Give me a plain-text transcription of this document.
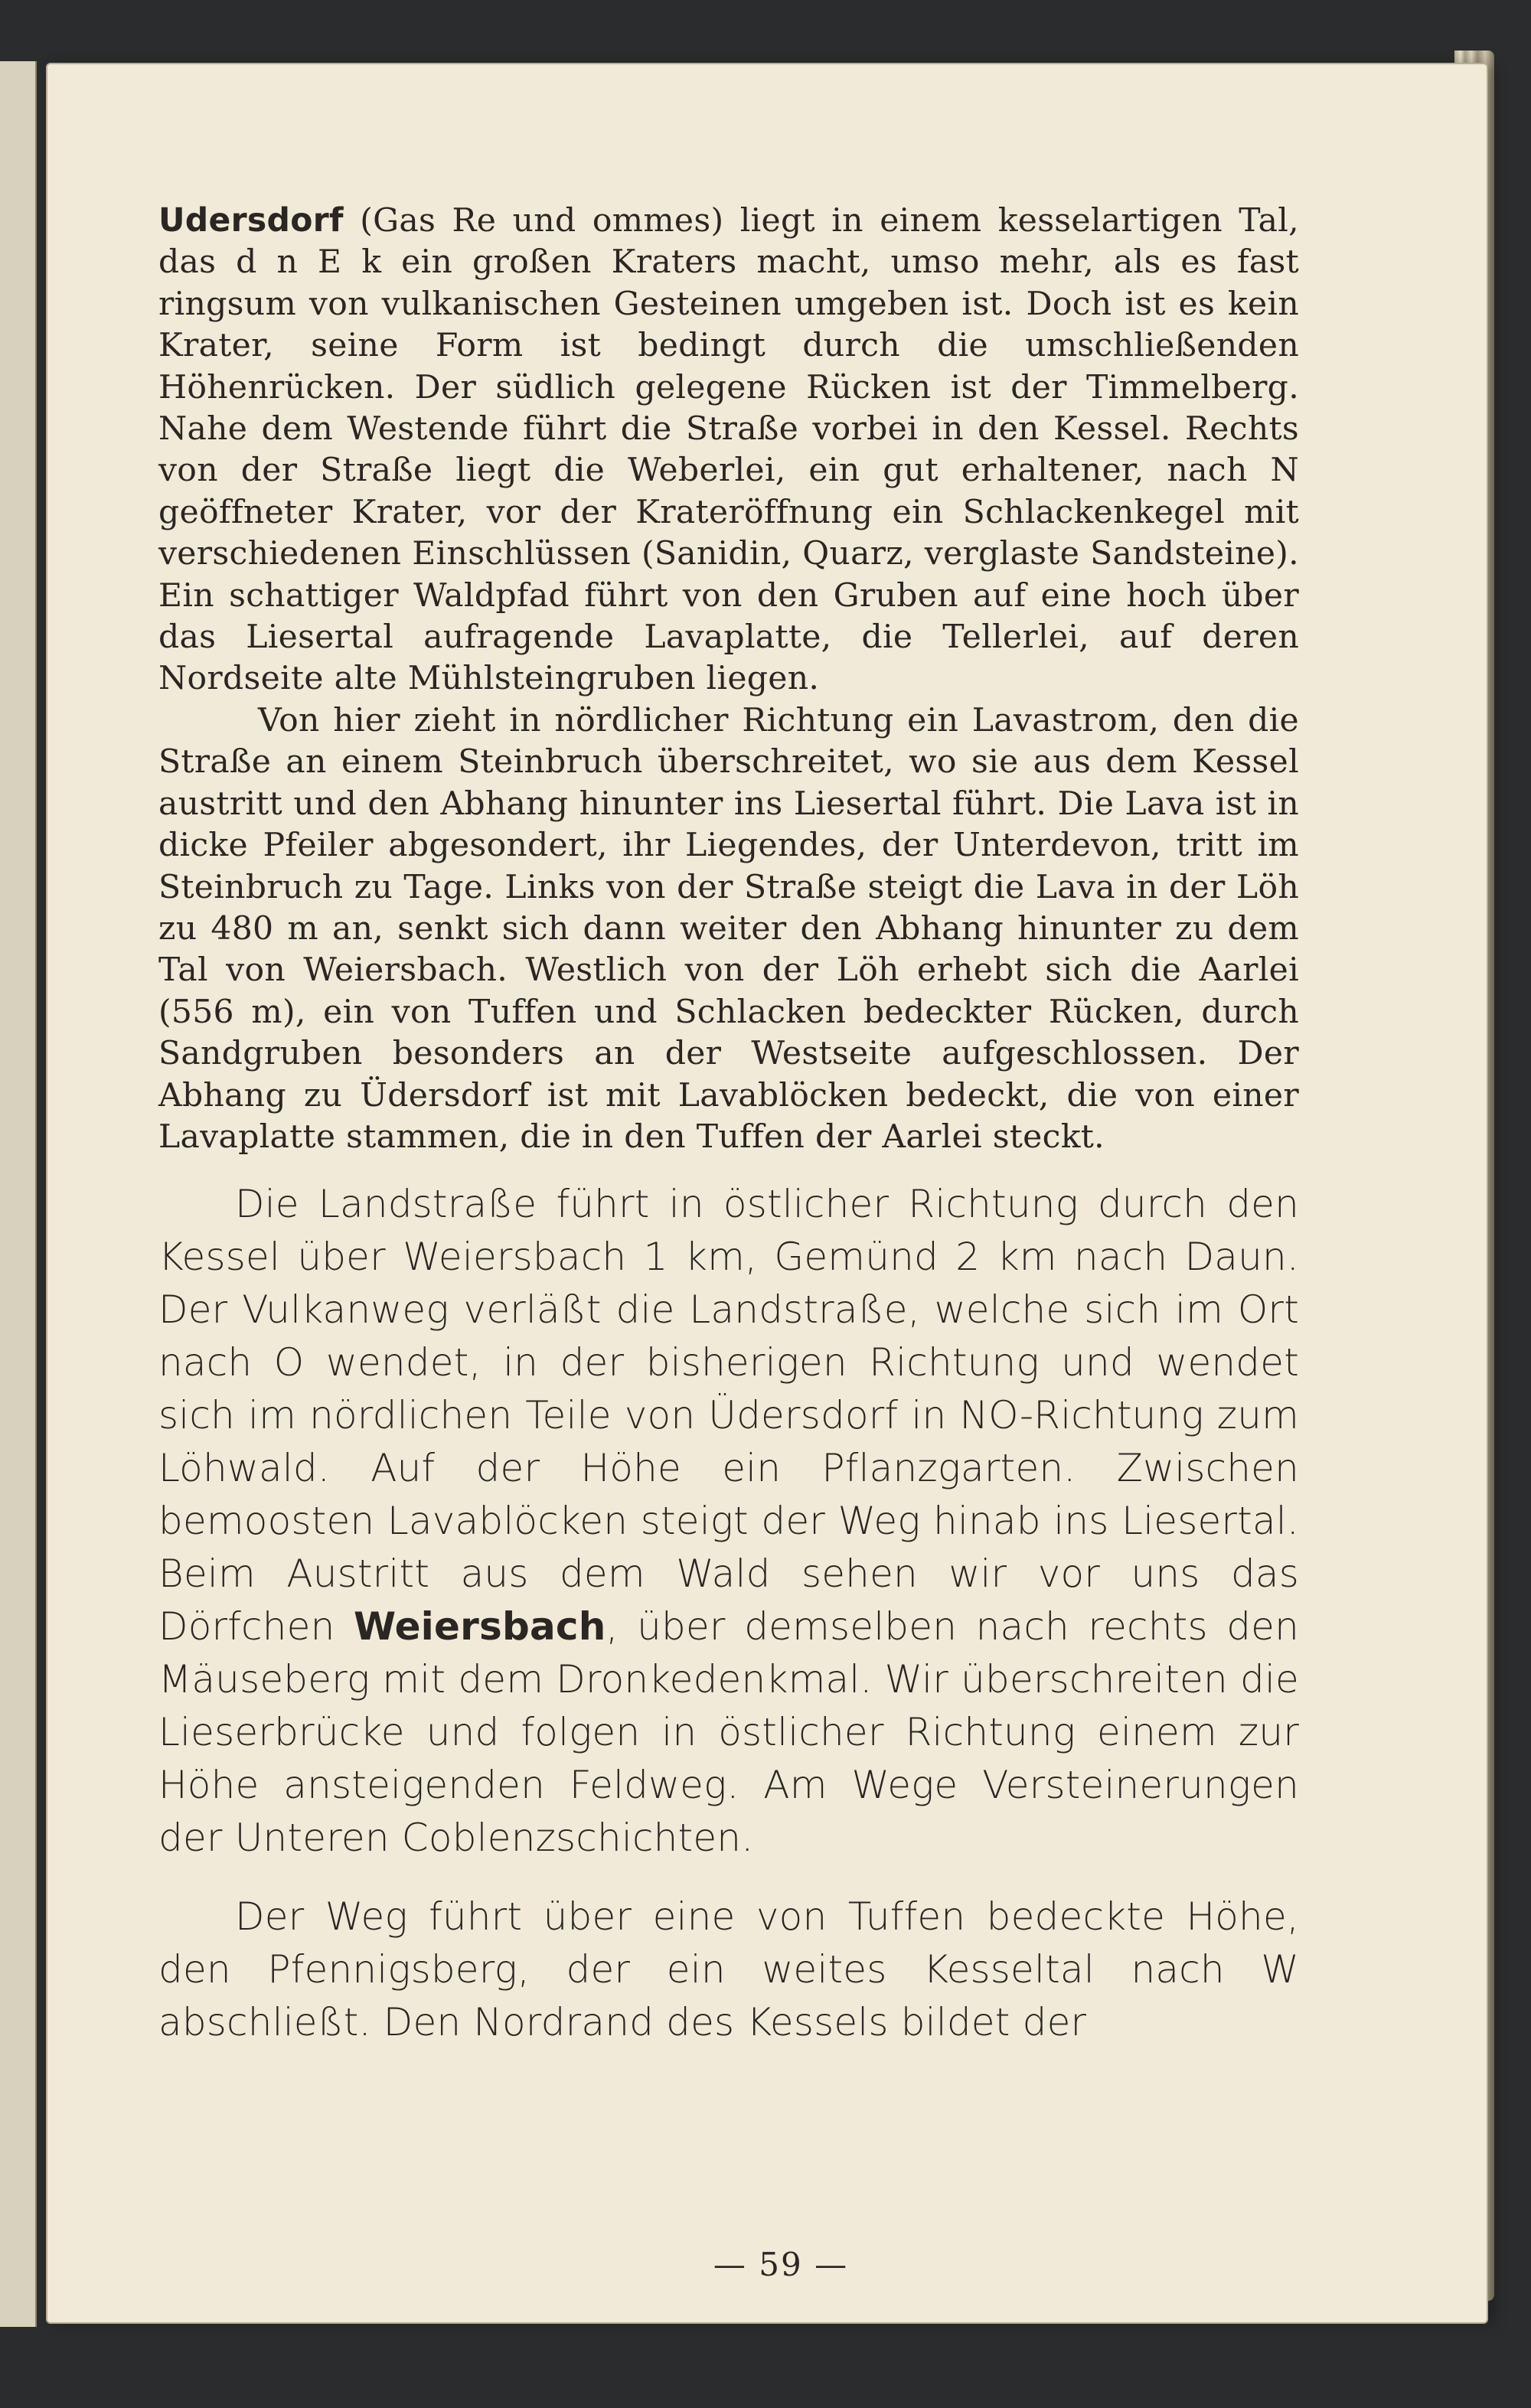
Udersdorf (Gas Re und ommes) liegt in einem kesselartigen Tal, das d n E k ein großen Kraters macht, umso mehr, als es fast ringsum von vulkanischen Gesteinen umgeben ist. Doch ist es kein Krater, seine Form ist bedingt durch die umschließenden Höhenrücken. Der südlich gelegene Rücken ist der Timmelberg. Nahe dem Westende führt die Straße vorbei in den Kessel. Rechts von der Straße liegt die Weberlei, ein gut erhaltener, nach N geöffneter Krater, vor der Krateröffnung ein Schlackenkegel mit verschiedenen Einschlüssen (Sanidin, Quarz, verglaste Sandsteine). Ein schattiger Waldpfad führt von den Gruben auf eine hoch über das Liesertal aufragende Lavaplatte, die Tellerlei, auf deren Nordseite alte Mühlsteingruben liegen.

Von hier zieht in nördlicher Richtung ein Lavastrom, den die Straße an einem Steinbruch überschreitet, wo sie aus dem Kessel austritt und den Abhang hinunter ins Liesertal führt. Die Lava ist in dicke Pfeiler abgesondert, ihr Liegendes, der Unterdevon, tritt im Steinbruch zu Tage. Links von der Straße steigt die Lava in der Löh zu 480 m an, senkt sich dann weiter den Abhang hinunter zu dem Tal von Weiersbach. Westlich von der Löh erhebt sich die Aarlei (556 m), ein von Tuffen und Schlacken bedeckter Rücken, durch Sandgruben besonders an der Westseite aufgeschlossen. Der Abhang zu Üdersdorf ist mit Lavablöcken bedeckt, die von einer Lavaplatte stammen, die in den Tuffen der Aarlei steckt.

Die Landstraße führt in östlicher Richtung durch den Kessel über Weiersbach 1 km, Gemünd 2 km nach Daun. Der Vulkanweg verläßt die Landstraße, welche sich im Ort nach O wendet, in der bisherigen Richtung und wendet sich im nördlichen Teile von Üdersdorf in NO-Richtung zum Löhwald. Auf der Höhe ein Pflanzgarten. Zwischen bemoosten Lavablöcken steigt der Weg hinab ins Liesertal. Beim Austritt aus dem Wald sehen wir vor uns das Dörfchen Weiersbach, über demselben nach rechts den Mäuseberg mit dem Dronkedenkmal. Wir überschreiten die Lieserbrücke und folgen in östlicher Richtung einem zur Höhe ansteigenden Feldweg. Am Wege Versteinerungen der Unteren Coblenzschichten.

Der Weg führt über eine von Tuffen bedeckte Höhe, den Pfennigsberg, der ein weites Kesseltal nach W abschließt. Den Nordrand des Kessels bildet der

— 59 —
